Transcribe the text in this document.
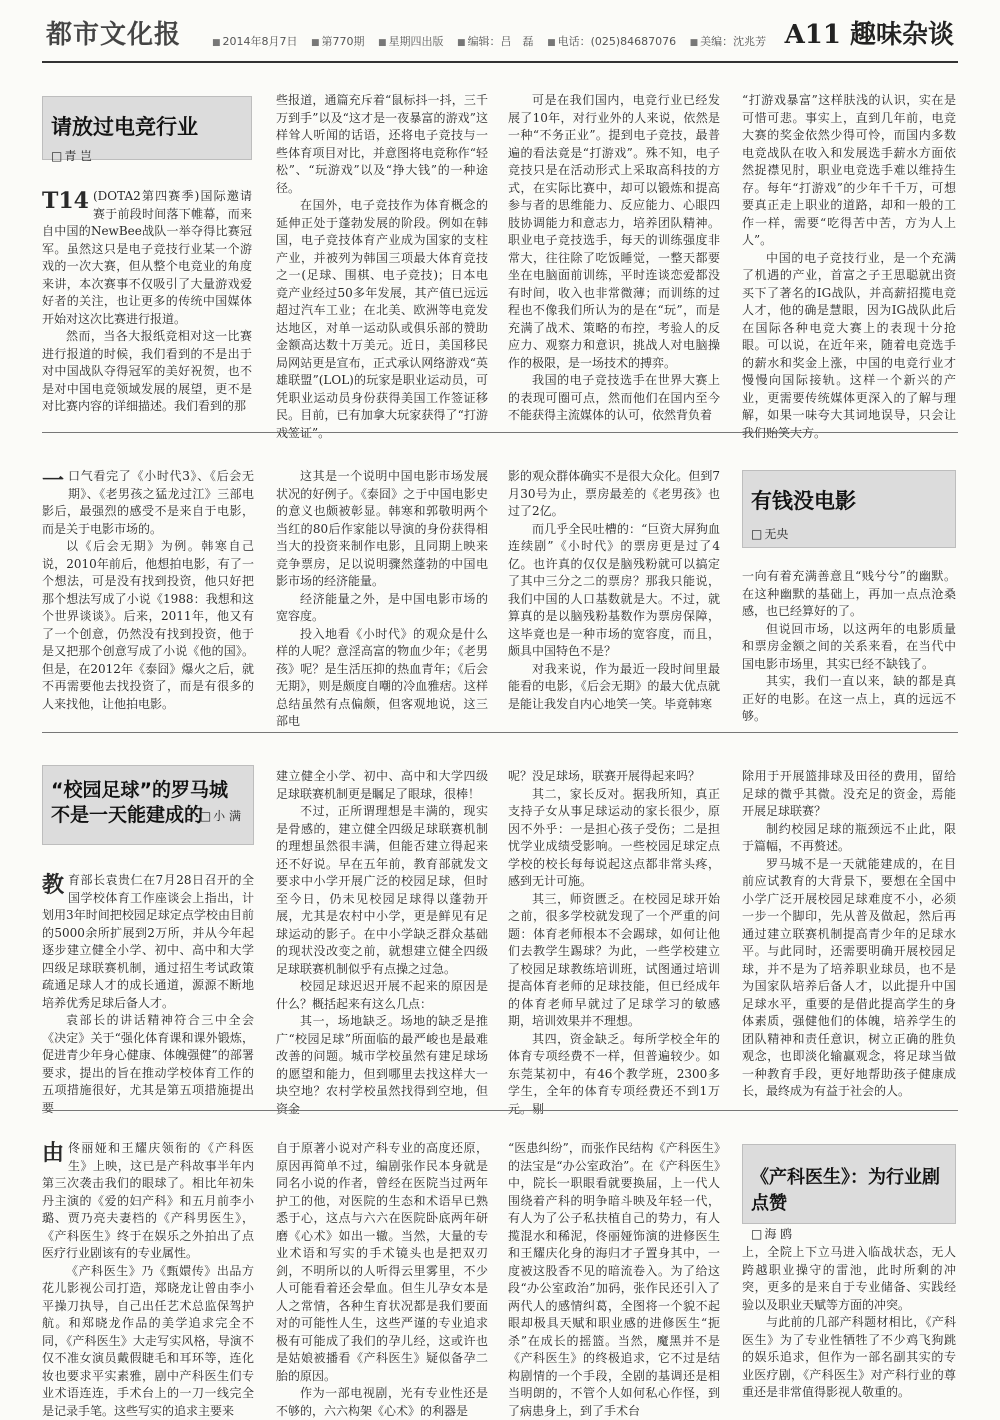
都市文化报	■ 2014年8月7日 ■ 第770期 ■ 星期四出版 ■ 编辑：吕　磊 ■ 电话：(025)84687076 ■ 美编：沈兆芳 A11 趣味杂谈
请放过电竞行业
□ 青 岂
T14 (DOTA2第四赛季)国际邀请赛于前段时间落下帷幕，而来自中国的NewBee战队一举夺得比赛冠军。虽然这只是电子竞技行业某一个游戏的一次大赛，但从整个电竞业的角度来讲，本次赛事不仅吸引了大量游戏爱好者的关注，也让更多的传统中国媒体开始对这次比赛进行报道。

然而，当各大报纸竞相对这一比赛进行报道的时候，我们看到的不是出于对中国战队夺得冠军的美好祝贺，也不是对中国电竞领域发展的展望，更不是对比赛内容的详细描述。我们看到的那

些报道，通篇充斥着“鼠标抖一抖，三千万到手”以及“这才是一夜暴富的游戏”这样耸人听闻的话语，还将电子竞技与一些体育项目对比，并意图将电竞称作“轻松”、“玩游戏”以及“挣大钱”的一种途径。

在国外，电子竞技作为体育概念的延伸正处于蓬勃发展的阶段。例如在韩国，电子竞技体育产业成为国家的支柱产业，并被列为韩国三项最大体育竞技之一(足球、围棋、电子竞技)；日本电竞产业经过50多年发展，其产值已远远超过汽车工业；在北美、欧洲等电竞发达地区，对单一运动队或俱乐部的赞助金额高达数十万美元。近日，美国移民局网站更是宣布，正式承认网络游戏“英雄联盟”(LOL)的玩家是职业运动员，可凭职业运动员身份获得美国工作签证移民。目前，已有加拿大玩家获得了“打游戏签证”。

可是在我们国内，电竞行业已经发展了10年，对行业外的人来说，依然是一种“不务正业”。提到电子竞技，最普遍的看法竟是“打游戏”。殊不知，电子竞技只是在活动形式上采取高科技的方式，在实际比赛中，却可以锻炼和提高参与者的思维能力、反应能力、心眼四肢协调能力和意志力，培养团队精神。职业电子竞技选手，每天的训练强度非常大，往往除了吃饭睡觉，一整天都要坐在电脑面前训练，平时连谈恋爱都没有时间，收入也非常微薄；而训练的过程也不像我们所认为的是在“玩”，而是充满了战术、策略的布控，考验人的反应力、观察力和意识，挑战人对电脑操作的极限，是一场技术的搏弈。

我国的电子竞技选手在世界大赛上的表现可圈可点，然而他们在国内至今不能获得主流媒体的认可，依然背负着

“打游戏暴富”这样肤浅的认识，实在是可惜可悲。事实上，直到几年前，电竞大赛的奖金依然少得可怜，而国内多数电竞战队在收入和发展选手薪水方面依然捉襟见肘，职业电竞选手难以维持生存。每年“打游戏”的少年千千万，可想要真正走上职业的道路，却和一般的工作一样，需要“吃得苦中苦，方为人上人”。

中国的电子竞技行业，是一个充满了机遇的产业，首富之子王思聪就出资买下了著名的IG战队，并高薪招揽电竞人才，他的确是慧眼，因为IG战队此后在国际各种电竞大赛上的表现十分抢眼。可以说，在近年来，随着电竞选手的薪水和奖金上涨，中国的电竞行业才慢慢向国际接轨。这样一个新兴的产业，更需要传统媒体更深入的了解与理解，如果一味夸大其词地误导，只会让我们贻笑大方。

一 口气看完了《小时代3》、《后会无期》、《老男孩之猛龙过江》三部电影后，最强烈的感受不是来自于电影，而是关于电影市场的。

以《后会无期》为例。韩寒自己说，2010年前后，他想拍电影，有了一个想法，可是没有找到投资，他只好把那个想法写成了小说《1988：我想和这个世界谈谈》。后来，2011年，他又有了一个创意，仍然没有找到投资，他于是又把那个创意写成了小说《他的国》。但是，在2012年《泰囧》爆火之后，就不再需要他去找投资了，而是有很多的人来找他，让他拍电影。

这其是一个说明中国电影市场发展状况的好例子。《泰囧》之于中国电影史的意义也颇被彰显。韩寒和郭敬明两个当红的80后作家能以导演的身份获得相当大的投资来制作电影，且同期上映来竞争票房，足以说明骤然蓬勃的中国电影市场的经济能量。

经济能量之外，是中国电影市场的宽容度。

投入地看《小时代》的观众是什么样的人呢？意淫高富的物血少年；《老男孩》呢？是生活压抑的热血青年；《后会无期》，则是颇度自嘲的冷血雅痞。这样总结虽然有点偏颇，但客观地说，这三部电

影的观众群体确实不是很大众化。但到7月30号为止，票房最差的《老男孩》也过了2亿。

而几乎全民吐槽的：“巨资大屏狗血连续剧”《小时代》的票房更是过了4亿。也许真的仅仅是脑残粉就可以搞定了其中三分之二的票房？那我只能说，我们中国的人口基数就是大。不过，就算真的是以脑残粉基数作为票房保障，这毕竟也是一种市场的宽容度，而且，颇具中国特色不是？

对我来说，作为最近一段时间里最能看的电影，《后会无期》的最大优点就是能让我发自内心地笑一笑。毕竟韩寒

有钱没电影
□ 无央

一向有着充满善意且“贱兮兮”的幽默。在这种幽默的基础上，再加一点点沧桑感，也已经算好的了。

但说回市场，以这两年的电影质量和票房金额之间的关系来看，在当代中国电影市场里，其实已经不缺钱了。

其实，我们一直以来，缺的都是真正好的电影。在这一点上，真的远远不够。

“校园足球”的罗马城
不是一天能建成的 □ 小 满
教 育部长袁贵仁在7月28日召开的全国学校体育工作座谈会上指出，计划用3年时间把校园足球定点学校由目前的5000余所扩展到2万所，并从今年起逐步建立健全小学、初中、高中和大学四级足球联赛机制，通过招生考试政策疏通足球人才的成长通道，源源不断地培养优秀足球后备人才。

袁部长的讲话精神符合三中全会《决定》关于“强化体育课和课外锻炼，促进青少年身心健康、体魄强健”的部署要求，提出的旨在推动学校体育工作的五项措施很好，尤其是第五项措施提出要

建立健全小学、初中、高中和大学四级足球联赛机制更是瞩足了眼球，很棒！

不过，正所谓理想是丰满的，现实是骨感的，建立健全四级足球联赛机制的理想虽然很丰满，但能否建立得起来还不好说。早在五年前，教育部就发文要求中小学开展广泛的校园足球，但时至今日，仍未见校园足球得以蓬勃开展，尤其是农村中小学，更是鲜见有足球运动的影子。在中小学缺乏群众基础的现状没改变之前，就想建立健全四级足球联赛机制似乎有点操之过急。

校园足球迟迟开展不起来的原因是什么？概括起来有这么几点：

其一，场地缺乏。场地的缺乏是推广“校园足球”所面临的最严峻也是最难改善的问题。城市学校虽然有建足球场的愿望和能力，但到哪里去找这样大一块空地？农村学校虽然找得到空地，但资金

呢？没足球场，联赛开展得起来吗？

其二，家长反对。据我所知，真正支持子女从事足球运动的家长很少，原因不外乎：一是担心孩子受伤；二是担忧学业成绩受影响。一些校园足球定点学校的校长每每说起这点都非常头疼，感到无计可施。

其三，师资匮乏。在校园足球开始之前，很多学校就发现了一个严重的问题：体育老师根本不会踢球，如何让他们去教学生踢球？为此，一些学校建立了校园足球教练培训班，试图通过培训提高体育老师的足球技能，但已经成年的体育老师早就过了足球学习的敏感期，培训效果并不理想。

其四，资金缺乏。每所学校全年的体育专项经费不一样，但普遍较少。如东莞某初中，有46个教学班，2300多学生，全年的体育专项经费还不到1万元。剔

除用于开展篮排球及田径的费用，留给足球的微乎其微。没充足的资金，焉能开展足球联赛？

制约校园足球的瓶颈远不止此，限于篇幅，不再赘述。

罗马城不是一天就能建成的，在目前应试教育的大背景下，要想在全国中小学广泛开展校园足球难度不小，必须一步一个脚印，先从普及做起，然后再通过建立联赛机制提高青少年的足球水平。与此同时，还需要明确开展校园足球，并不是为了培养职业球员，也不是为国家队培养后备人才，以此提升中国足球水平，重要的是借此提高学生的身体素质，强健他们的体魄，培养学生的团队精神和责任意识，树立正确的胜负观念，也即淡化输赢观念，将足球当做一种教育手段，更好地帮助孩子健康成长，最终成为有益于社会的人。

由 佟丽娅和王耀庆领衔的《产科医生》上映，这已是产科故事半年内第三次袭击我们的眼球了。相比年初朱丹主演的《爱的妇产科》和五月前李小璐、贾乃亮夫妻档的《产科男医生》，《产科医生》终于在娱乐之外拍出了点医疗行业剧该有的专业属性。

《产科医生》乃《甄嬛传》出品方花儿影视公司打造，郑晓龙让曾由李小平操刀执导，自己出任艺术总监保驾护航。和郑晓龙作品的美学追求完全不同，《产科医生》大走写实风格，导演不仅不准女演员戴假睫毛和耳环等，连化妆也要求平实素雅，剧中产科医生们专业术语连连，手术台上的一刀一线完全是记录手笔。这些写实的追求主要来

自于原著小说对产科专业的高度还原，原因再简单不过，编剧张作民本身就是同名小说的作者，曾经在医院当过两年护工的他，对医院的生态和术语早已熟悉于心，这点与六六在医院卧底两年研磨《心术》如出一辙。当然，大量的专业术语和写实的手术镜头也是把双刃剑，不明所以的人听得云里雾里，不少人可能看着还会晕血。但生儿孕女本是人之常情，各种生育状况都是我们要面对的可能性人生，这些严谨的专业追求极有可能成了我们的孕儿经，这或许也是姑娘被播看《产科医生》疑似备孕二胎的原因。

作为一部电视剧，光有专业性还是不够的，六六构架《心术》的利器是

“医患纠纷”，而张作民结构《产科医生》的法宝是“办公室政治”。在《产科医生》中，院长一职眼看就要换届，上一代人围绕着产科的明争暗斗映及年轻一代，有人为了公子私扶植自己的势力，有人揽混水和稀泥，佟丽娅饰演的进修医生和王耀庆化身的海归才子置身其中，一度被这股香不见的暗流卷入。为了给这段“办公室政治”加码，张作民还引入了两代人的感情纠葛，全图将一个貌不起眼却极具天赋和职业感的进修医生“扼杀”在成长的摇篮。当然，魔黑并不是《产科医生》的终极追求，它不过是结构剧情的一个手段，全剧的基调还是相当明朗的，不管个人如何私心作怪，到了病患身上，到了手术台

《产科医生》：为行业剧点赞
□ 海 鸥

上，全院上下立马进入临战状态，无人跨越职业操守的雷池，此时所剩的冲突，更多的是来自于专业储备、实践经验以及职业天赋等方面的冲突。

与此前的几部产科题材相比，《产科医生》为了专业性牺牲了不少鸡飞狗跳的娱乐追求，但作为一部名副其实的专业医疗剧，《产科医生》对产科行业的尊重还是非常值得影视人敬重的。
